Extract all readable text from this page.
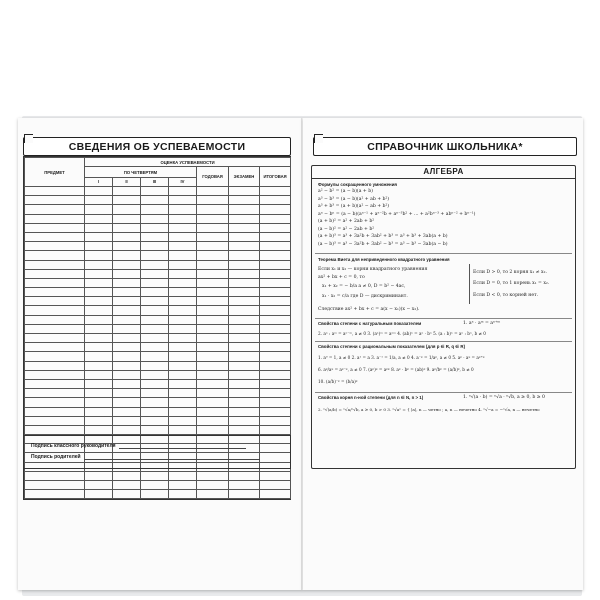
СВЕДЕНИЯ ОБ УСПЕВАЕМОСТИ
ПРЕДМЕТ	ОЦЕНКА УСПЕВАЕМОСТИ						
	ПО ЧЕТВЕРТЯМ				ГОДОВАЯ	ЭКЗАМЕН	ИТОГОВАЯ
	I	II	III	IV			

Подпись классного руководителя
Подпись родителей
СПРАВОЧНИК ШКОЛЬНИКА*
АЛГЕБРА
Формулы сокращенного умножения
a² − b² = (a − b)(a + b)
a³ − b³ = (a − b)(a² + ab + b²)
a³ + b³ = (a + b)(a² − ab + b²)
aⁿ − bⁿ = (a − b)(aⁿ⁻¹ + aⁿ⁻²b + aⁿ⁻³b² + ... + a²bⁿ⁻³ + abⁿ⁻² + bⁿ⁻¹)
(a + b)² = a² + 2ab + b²
(a − b)² = a² − 2ab + b²
(a + b)³ = a³ + 3a²b + 3ab² + b³ = a³ + b³ + 3ab(a + b)
(a − b)³ = a³ − 3a²b + 3ab² − b³ = a³ − b³ − 3ab(a − b)
Теорема Виета для неприведенного квадратного уравнения
Если x₁ и x₂ — корни квадратного уравнения
ax² + bx + c = 0, то
x₁ + x₂ = − b/a a ≠ 0, D = b² − 4ac,
x₁ · x₂ = c/a где D — дискриминант.
Следствие ax² + bx + c = a(x − x₁)(x − x₂).
Если D > 0, то 2 корня x₁ ≠ x₂.
Если D = 0, то 1 корень x₁ = x₂.
Если D < 0, то корней нет.
Свойства степени с натуральным показателем	1. aⁿ · aᵐ = aⁿ⁺ᵐ
2. aⁿ : aᵐ = aⁿ⁻ᵐ, a ≠ 0 3. (aⁿ)ᵐ = aⁿᵐ 4. (ab)ⁿ = aⁿ · bⁿ 5. (a : b)ⁿ = aⁿ : bⁿ, b ≠ 0
Свойства степени с рациональным показателем (для p ∈ R, q ∈ R)
1. a⁰ = 1, a ≠ 0 2. a¹ = a 3. a⁻¹ = 1/a, a ≠ 0 4. a⁻ᵖ = 1/aᵖ, a ≠ 0 5. aᵖ · aᵠ = aᵖ⁺ᵠ
6. aᵖ/aᵠ = aᵖ⁻ᵠ, a ≠ 0 7. (aᵖ)ᵠ = aᵖᵠ 8. aᵖ · bᵖ = (ab)ᵖ 9. aᵖ/bᵖ = (a/b)ᵖ, b ≠ 0
10. (a/b)⁻ᵖ = (b/a)ᵖ
Свойства корня n-ной степени (для n ∈ N, n > 1)	1. ⁿ√(a · b) = ⁿ√a · ⁿ√b, a ≥ 0, b ≥ 0
2. ⁿ√(a/b) = ⁿ√a/ⁿ√b, a ≥ 0, b > 0 3. ⁿ√aⁿ = { |a|, n — четно ; a, n — нечетно 4. ⁿ√−a = −ⁿ√a, n — нечетно
